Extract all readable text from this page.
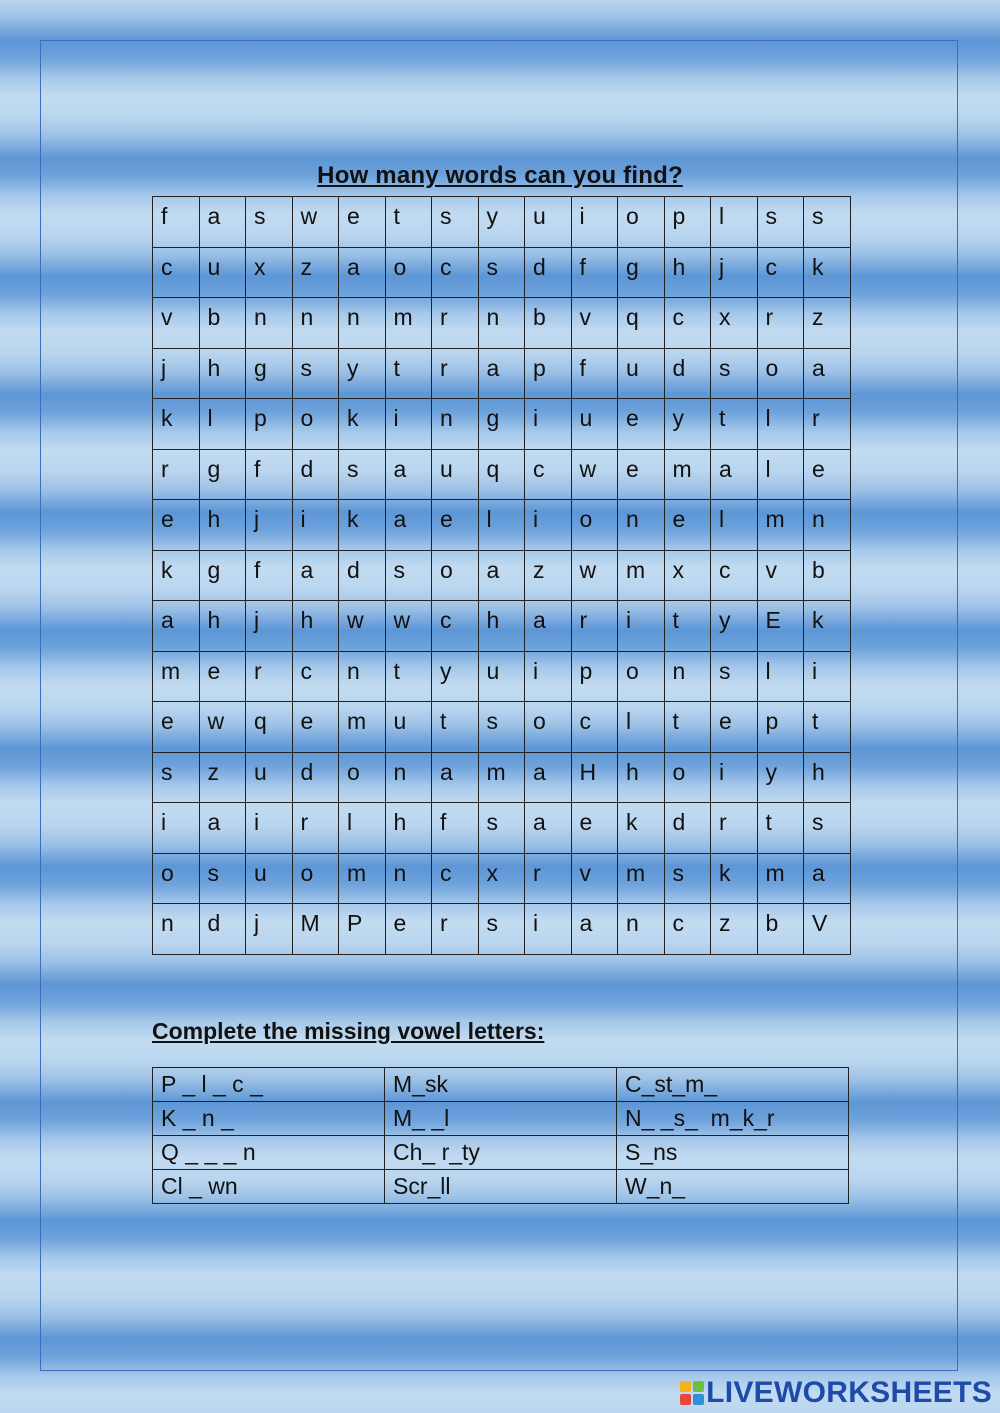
How many words can you find?
f	a	s	w	e	t	s	y	u	i	o	p	l	s	s
c	u	x	z	a	o	c	s	d	f	g	h	j	c	k
v	b	n	n	n	m	r	n	b	v	q	c	x	r	z
j	h	g	s	y	t	r	a	p	f	u	d	s	o	a
k	l	p	o	k	i	n	g	i	u	e	y	t	l	r
r	g	f	d	s	a	u	q	c	w	e	m	a	l	e
e	h	j	i	k	a	e	l	i	o	n	e	l	m	n
k	g	f	a	d	s	o	a	z	w	m	x	c	v	b
a	h	j	h	w	w	c	h	a	r	i	t	y	E	k
m	e	r	c	n	t	y	u	i	p	o	n	s	l	i
e	w	q	e	m	u	t	s	o	c	l	t	e	p	t
s	z	u	d	o	n	a	m	a	H	h	o	i	y	h
i	a	i	r	l	h	f	s	a	e	k	d	r	t	s
o	s	u	o	m	n	c	x	r	v	m	s	k	m	a
n	d	j	M	P	e	r	s	i	a	n	c	z	b	V
Complete the missing vowel letters:
P _ l _ c _	M_sk	C_st_m_
K _ n _	M_ _l	N_ _s_  m_k_r
Q _ _ _ n	Ch_ r_ty	S_ns
Cl _ wn	Scr_ll	W_n_
LIVEWORKSHEETS
